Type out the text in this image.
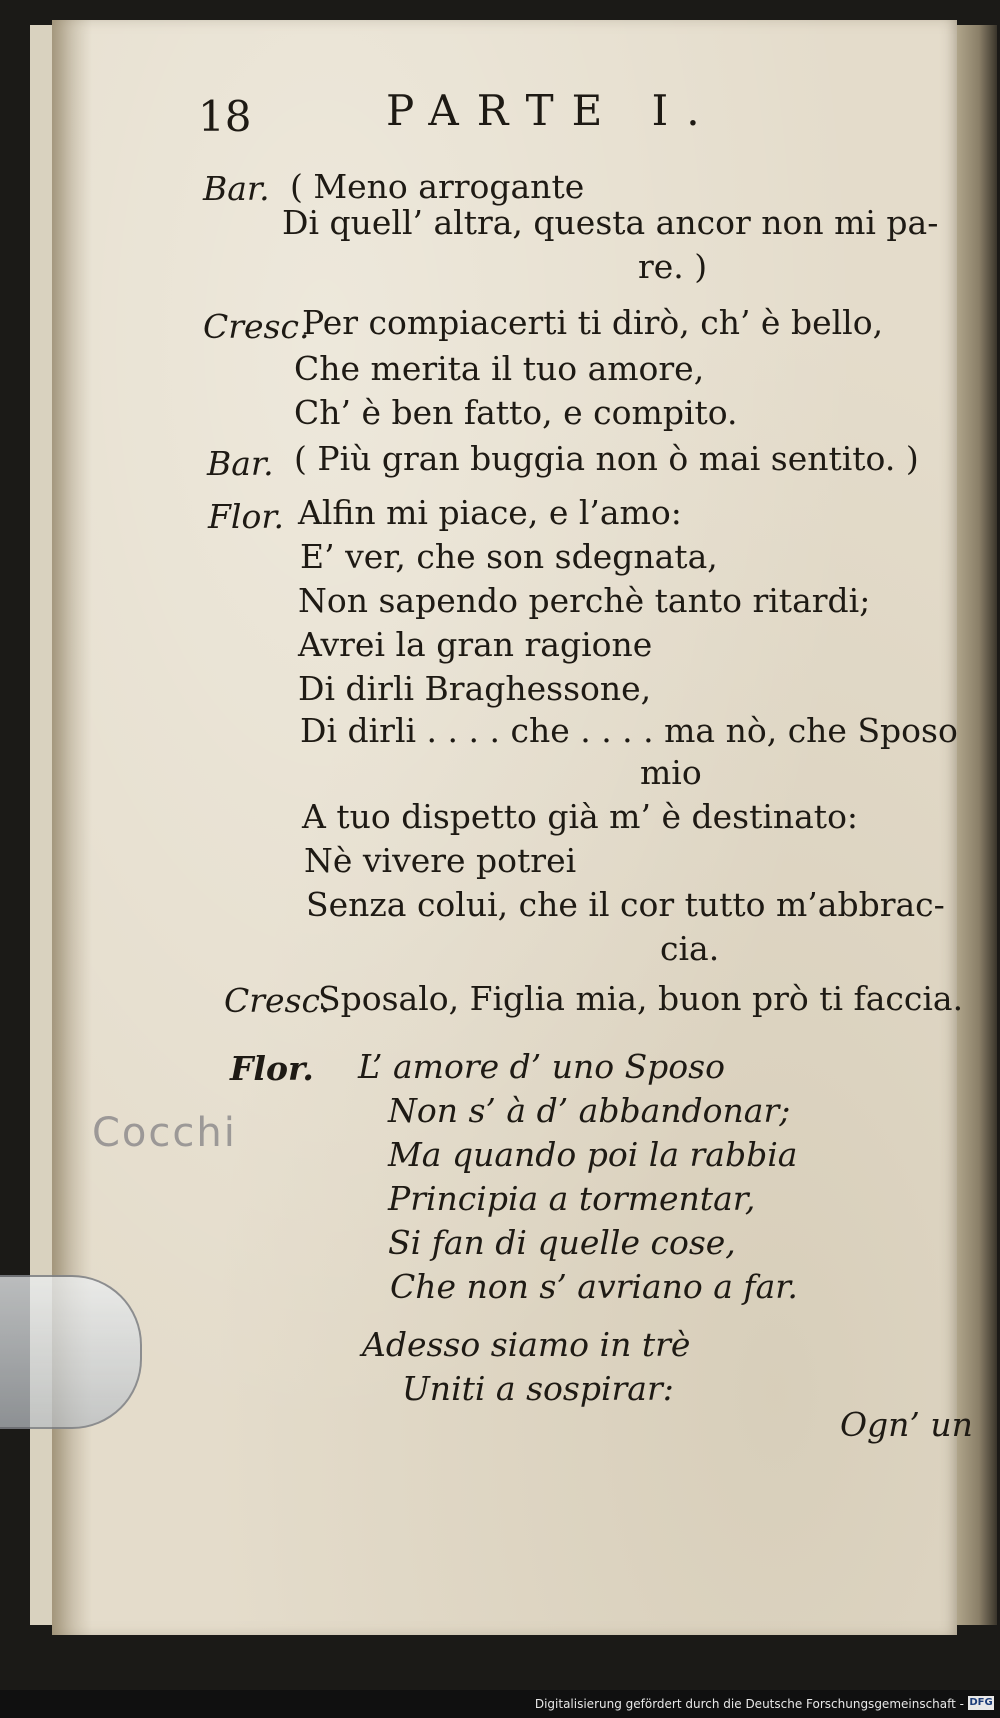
18	PARTE I.
Bar. ( Meno arrogante
Di quell’ altra, questa ancor non mi pa-
re. )
Cresc.
Per compiacerti ti dirò, ch’ è bello,
Che merita il tuo amore,
Ch’ è ben fatto, e compito.
Bar. ( Più gran buggia non ò mai sentito. )
Flor. Alfin mi piace, e l’amo:
E’ ver, che son sdegnata,
Non sapendo perchè tanto ritardi;
Avrei la gran ragione
Di dirli Braghessone,
Di dirli . . . . che . . . . ma nò, che Sposo
mio
A tuo dispetto già m’ è destinato:
Nè vivere potrei
Senza colui, che il cor tutto m’abbrac-
cia.
Cresc.
Sposalo, Figlia mia, buon prò ti faccia.
Flor. L’ amore d’ uno Sposo
Non s’ à d’ abbandonar;
Ma quando poi la rabbia
Principia a tormentar,
Si fan di quelle cose,
Che non s’ avriano a far.
Adesso siamo in trè
Uniti a sospirar:
Ogn’ un
Cocchi
Digitalisierung gefördert durch die Deutsche Forschungsgemeinschaft - DFG
